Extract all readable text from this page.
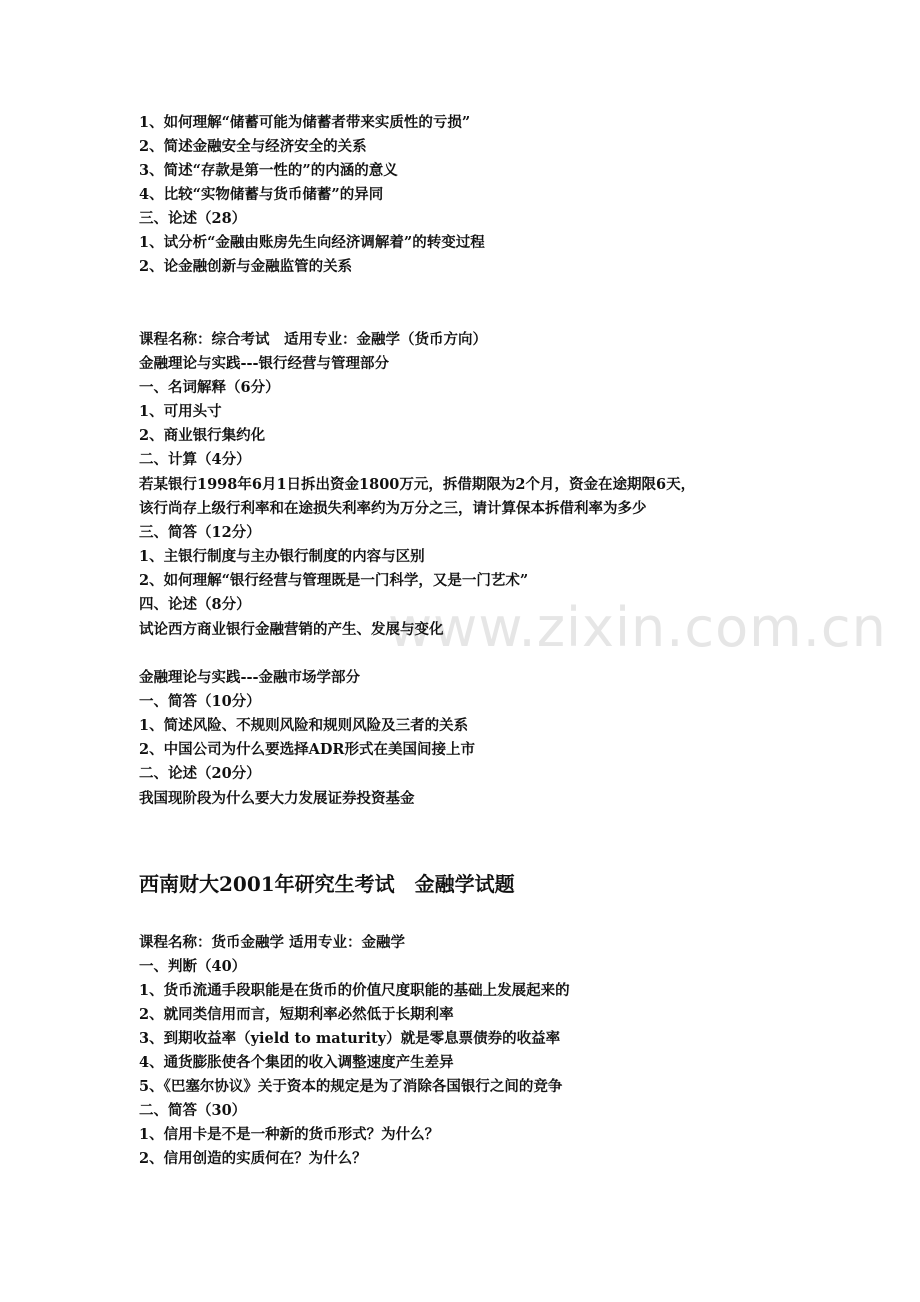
www.zixin.com.cn
1、如何理解“储蓄可能为储蓄者带来实质性的亏损”
2、简述金融安全与经济安全的关系
3、简述“存款是第一性的”的内涵的意义
4、比较“实物储蓄与货币储蓄”的异同
三、论述（28）
1、试分析“金融由账房先生向经济调解着”的转变过程
2、论金融创新与金融监管的关系
课程名称：综合考试　适用专业：金融学（货币方向）
金融理论与实践---银行经营与管理部分
一、名词解释（6分）
1、可用头寸
2、商业银行集约化
二、计算（4分）
若某银行1998年6月1日拆出资金1800万元，拆借期限为2个月，资金在途期限6天，
该行尚存上级行利率和在途损失利率约为万分之三，请计算保本拆借利率为多少
三、简答（12分）
1、主银行制度与主办银行制度的内容与区别
2、如何理解“银行经营与管理既是一门科学，又是一门艺术”
四、论述（8分）
试论西方商业银行金融营销的产生、发展与变化
金融理论与实践---金融市场学部分
一、简答（10分）
1、简述风险、不规则风险和规则风险及三者的关系
2、中国公司为什么要选择ADR形式在美国间接上市
二、论述（20分）
我国现阶段为什么要大力发展证券投资基金
西南财大2001年研究生考试　金融学试题
课程名称：货币金融学 适用专业：金融学
一、判断（40）
1、货币流通手段职能是在货币的价值尺度职能的基础上发展起来的
2、就同类信用而言，短期利率必然低于长期利率
3、到期收益率（yield to maturity）就是零息票债券的收益率
4、通货膨胀使各个集团的收入调整速度产生差异
5、《巴塞尔协议》关于资本的规定是为了消除各国银行之间的竞争
二、简答（30）
1、信用卡是不是一种新的货币形式？为什么？
2、信用创造的实质何在？为什么？
